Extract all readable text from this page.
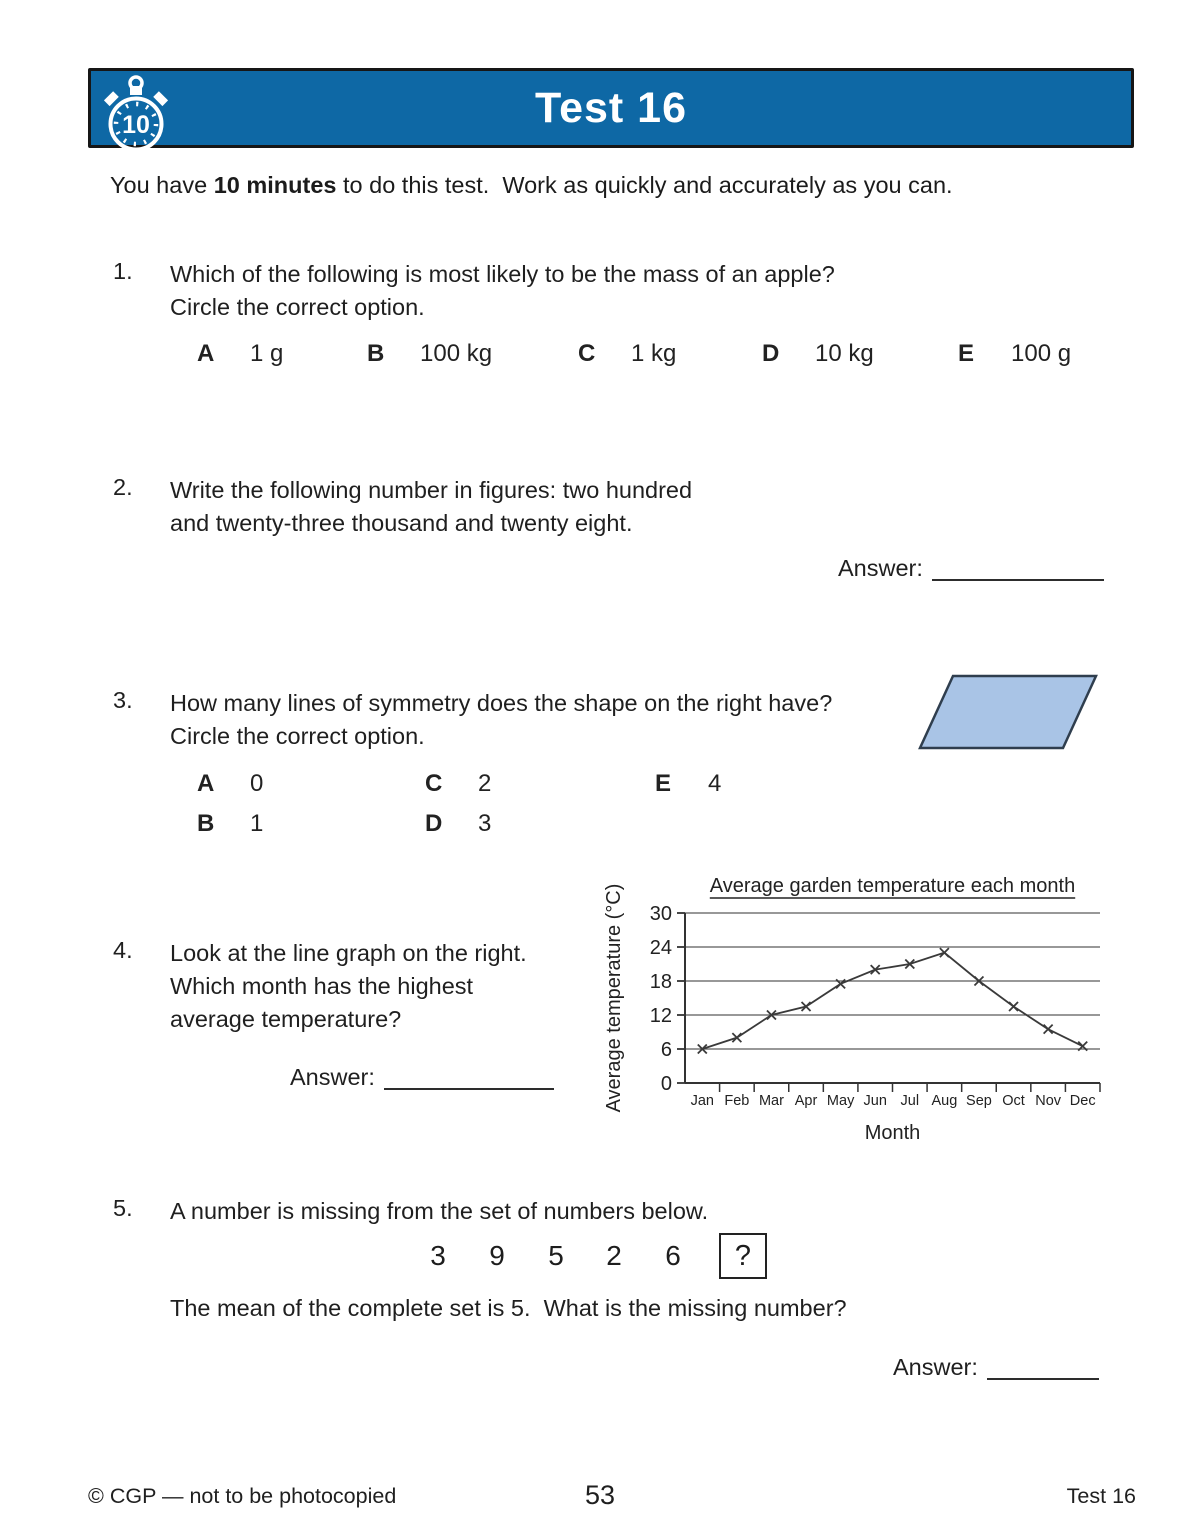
10	Test 16
You have 10 minutes to do this test.  Work as quickly and accurately as you can.
1. Which of the following is most likely to be the mass of an apple?
Circle the correct option.
A 1 g	B 100 kg	C 1 kg	D 10 kg	E 100 g
2. Write the following number in figures: two hundred
and twenty-three thousand and twenty eight.
Answer:
3. How many lines of symmetry does the shape on the right have?
Circle the correct option.
A 0	C 2	E 4
B 1	D 3
4. Look at the line graph on the right.
Which month has the highest
average temperature?
Answer:
Average garden temperature each month
Average temperature (°C) 0
6
12
18
24
30
Jan Feb Mar Apr May Jun Jul Aug Sep Oct Nov Dec
Month
5. A number is missing from the set of numbers below.
3 9 5 2 6	?
The mean of the complete set is 5.  What is the missing number?
Answer:
© CGP — not to be photocopied	53	Test 16
